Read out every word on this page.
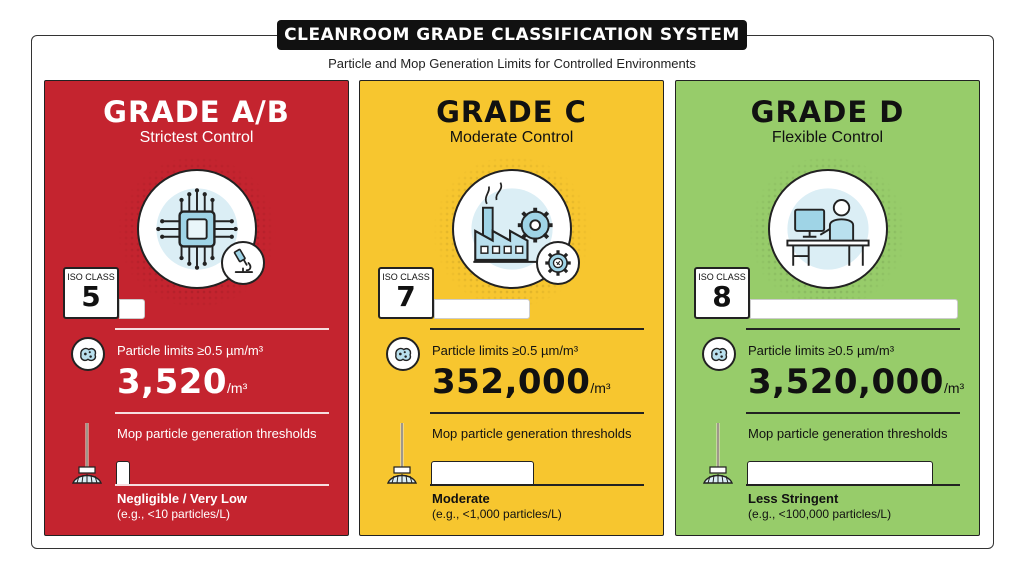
CLEANROOM GRADE CLASSIFICATION SYSTEM
Particle and Mop Generation Limits for Controlled Environments
GRADE A/B
Strictest Control
ISO CLASS
5
Particle limits ≥0.5 µm/m³
3,520/m³
Mop particle generation thresholds
Negligible / Very Low
(e.g., <10 particles/L)
GRADE C
Moderate Control
ISO CLASS
7
Particle limits ≥0.5 µm/m³
352,000/m³
Mop particle generation thresholds
Moderate
(e.g., <1,000 particles/L)
GRADE D
Flexible Control
ISO CLASS
8
Particle limits ≥0.5 µm/m³
3,520,000/m³
Mop particle generation thresholds
Less Stringent
(e.g., <100,000 particles/L)
